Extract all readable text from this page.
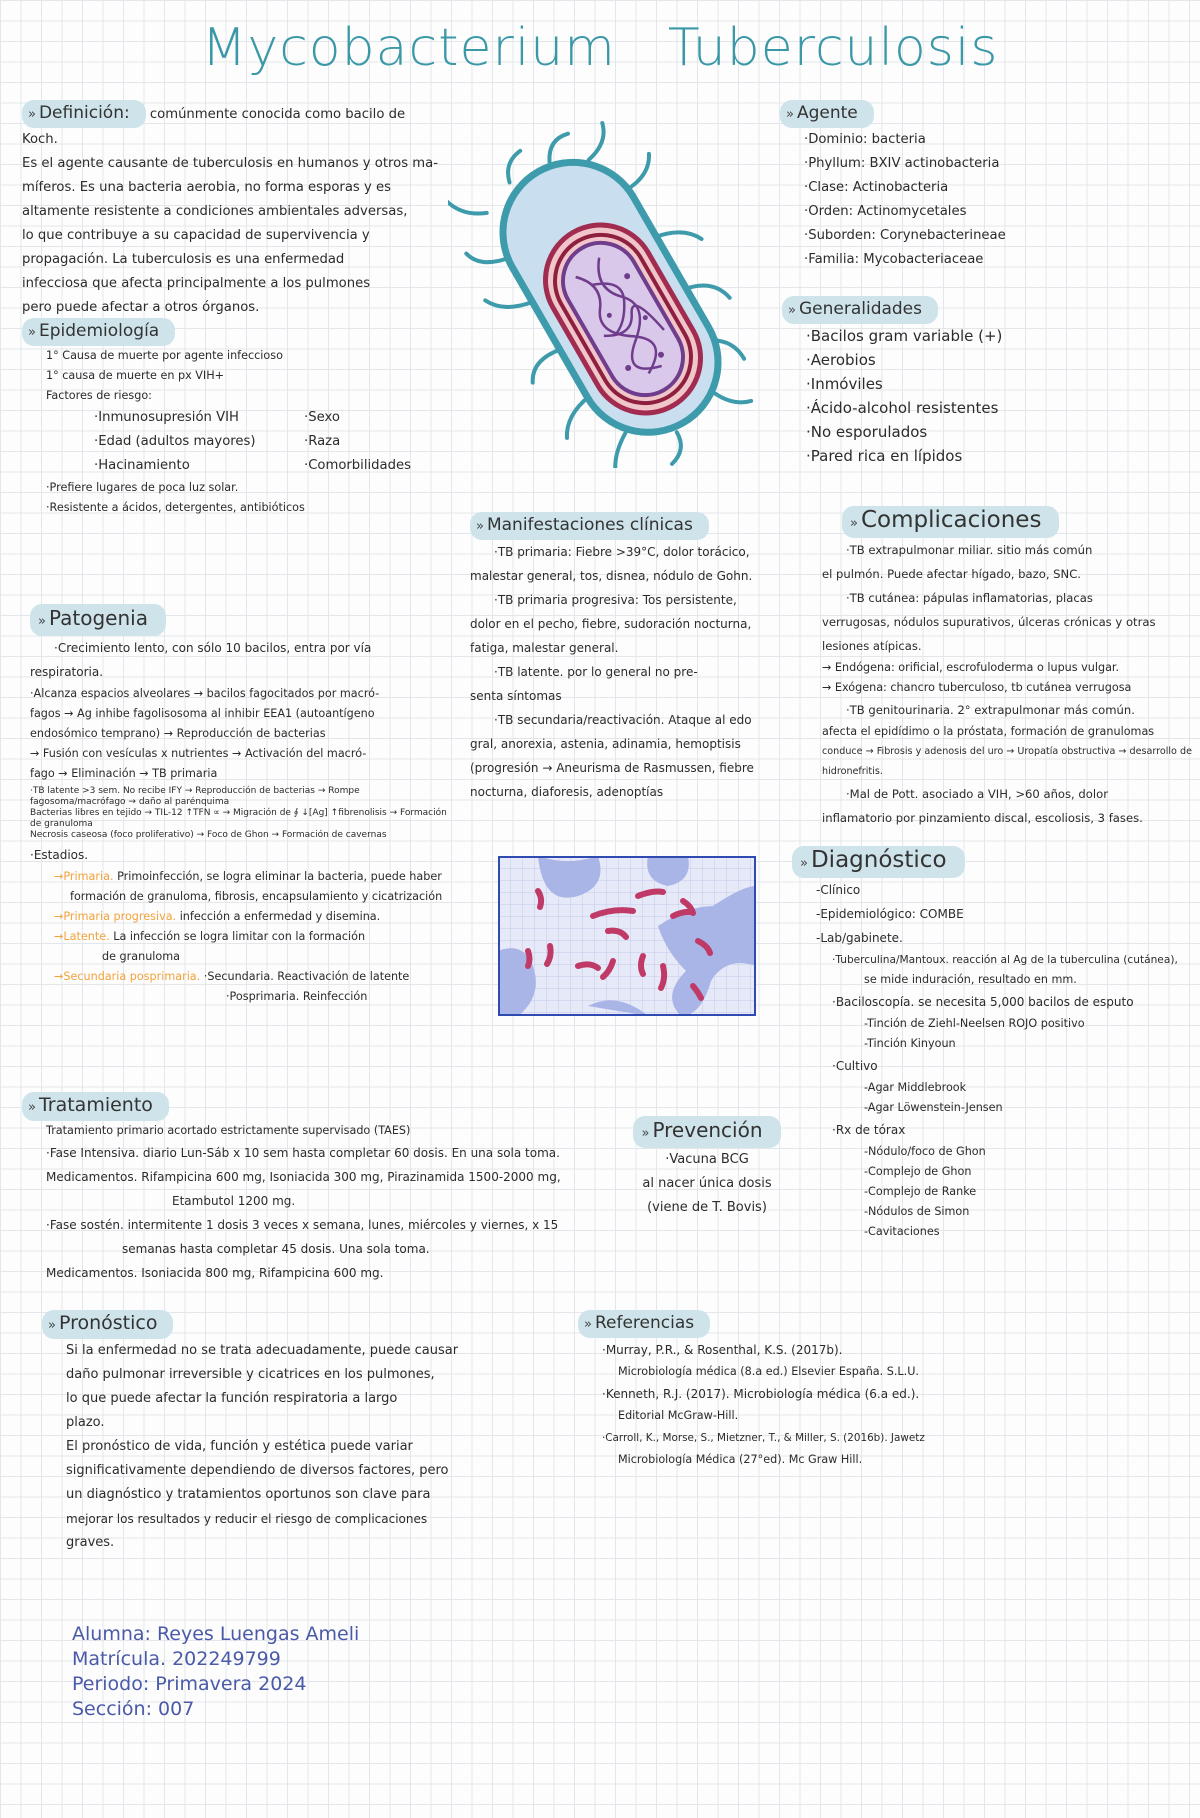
Mycobacterium Tuberculosis

» Definición: comúnmente conocida como bacilo de Koch.

Es el agente causante de tuberculosis en humanos y otros ma-

míferos. Es una bacteria aerobia, no forma esporas y es

altamente resistente a condiciones ambientales adversas,

lo que contribuye a su capacidad de supervivencia y

propagación. La tuberculosis es una enfermedad

infecciosa que afecta principalmente a los pulmones

pero puede afectar a otros órganos.

» Epidemiología

1° Causa de muerte por agente infeccioso

1° causa de muerte en px VIH+

Factores de riesgo:

·Inmunosupresión VIH

·Edad (adultos mayores)

·Hacinamiento

·Sexo

·Raza

·Comorbilidades

·Prefiere lugares de poca luz solar.

·Resistente a ácidos, detergentes, antibióticos

» Agente

·Dominio: bacteria

·Phyllum: BXIV actinobacteria

·Clase: Actinobacteria

·Orden: Actinomycetales

·Suborden: Corynebacterineae

·Familia: Mycobacteriaceae

» Generalidades

·Bacilos gram variable (+)

·Aerobios

·Inmóviles

·Ácido-alcohol resistentes

·No esporulados

·Pared rica en lípidos

» Manifestaciones clínicas

·TB primaria: Fiebre >39°C, dolor torácico,

malestar general, tos, disnea, nódulo de Gohn.

·TB primaria progresiva: Tos persistente,

dolor en el pecho, fiebre, sudoración nocturna,

fatiga, malestar general.

·TB latente. por lo general no pre-

senta síntomas

·TB secundaria/reactivación. Ataque al edo

gral, anorexia, astenia, adinamia, hemoptisis

(progresión → Aneurisma de Rasmussen, fiebre

nocturna, diaforesis, adenoptías

» Complicaciones

·TB extrapulmonar miliar. sitio más común

el pulmón. Puede afectar hígado, bazo, SNC.

·TB cutánea: pápulas inflamatorias, placas

verrugosas, nódulos supurativos, úlceras crónicas y otras

lesiones atípicas.

→ Endógena: orificial, escrofuloderma o lupus vulgar.

→ Exógena: chancro tuberculoso, tb cutánea verrugosa

·TB genitourinaria. 2° extrapulmonar más común.

afecta el epidídimo o la próstata, formación de granulomas

conduce → Fibrosis y adenosis del uro → Uropatía obstructiva → desarrollo de hidronefritis.

·Mal de Pott. asociado a VIH, >60 años, dolor

inflamatorio por pinzamiento discal, escoliosis, 3 fases.

» Patogenia

·Crecimiento lento, con sólo 10 bacilos, entra por vía

respiratoria.

·Alcanza espacios alveolares → bacilos fagocitados por macró-

fagos → Ag inhibe fagolisosoma al inhibir EEA1 (autoantígeno

endosómico temprano) → Reproducción de bacterias

→ Fusión con vesículas x nutrientes → Activación del macró-

fago → Eliminación → TB primaria

·TB latente >3 sem. No recibe IFY → Reproducción de bacterias → Rompe fagosoma/macrófago → daño al parénquima

Bacterias libres en tejido → TIL-12 ↑TFN ∝ → Migración de ∮ ↓[Ag] ↑fibrenolisis → Formación de granuloma

Necrosis caseosa (foco proliferativo) → Foco de Ghon → Formación de cavernas

·Estadios.

→Primaria. Primoinfección, se logra eliminar la bacteria, puede haber

formación de granuloma, fibrosis, encapsulamiento y cicatrización

→Primaria progresiva. infección a enfermedad y disemina.

→Latente. La infección se logra limitar con la formación

de granuloma

→Secundaria posprimaria. ·Secundaria. Reactivación de latente

·Posprimaria. Reinfección

» Diagnóstico

-Clínico

-Epidemiológico: COMBE

-Lab/gabinete.

·Tuberculina/Mantoux. reacción al Ag de la tuberculina (cutánea),

se mide induración, resultado en mm.

·Baciloscopía. se necesita 5,000 bacilos de esputo

-Tinción de Ziehl-Neelsen ROJO positivo

-Tinción Kinyoun

·Cultivo

-Agar Middlebrook

-Agar Löwenstein-Jensen

·Rx de tórax

-Nódulo/foco de Ghon

-Complejo de Ghon

-Complejo de Ranke

-Nódulos de Simon

-Cavitaciones

» Tratamiento

Tratamiento primario acortado estrictamente supervisado (TAES)

·Fase Intensiva. diario Lun-Sáb x 10 sem hasta completar 60 dosis. En una sola toma.

Medicamentos. Rifampicina 600 mg, Isoniacida 300 mg, Pirazinamida 1500-2000 mg,

Etambutol 1200 mg.

·Fase sostén. intermitente 1 dosis 3 veces x semana, lunes, miércoles y viernes, x 15

semanas hasta completar 45 dosis. Una sola toma.

Medicamentos. Isoniacida 800 mg, Rifampicina 600 mg.

» Prevención

·Vacuna BCG

al nacer única dosis

(viene de T. Bovis)

» Pronóstico

Si la enfermedad no se trata adecuadamente, puede causar

daño pulmonar irreversible y cicatrices en los pulmones,

lo que puede afectar la función respiratoria a largo

plazo.

El pronóstico de vida, función y estética puede variar

significativamente dependiendo de diversos factores, pero

un diagnóstico y tratamientos oportunos son clave para

mejorar los resultados y reducir el riesgo de complicaciones

graves.

» Referencias

·Murray, P.R., & Rosenthal, K.S. (2017b).

Microbiología médica (8.a ed.) Elsevier España. S.L.U.

·Kenneth, R.J. (2017). Microbiología médica (6.a ed.).

Editorial McGraw-Hill.

·Carroll, K., Morse, S., Mietzner, T., & Miller, S. (2016b). Jawetz

Microbiología Médica (27°ed). Mc Graw Hill.

Alumna: Reyes Luengas Ameli
Matrícula. 202249799
Periodo: Primavera 2024
Sección: 007
